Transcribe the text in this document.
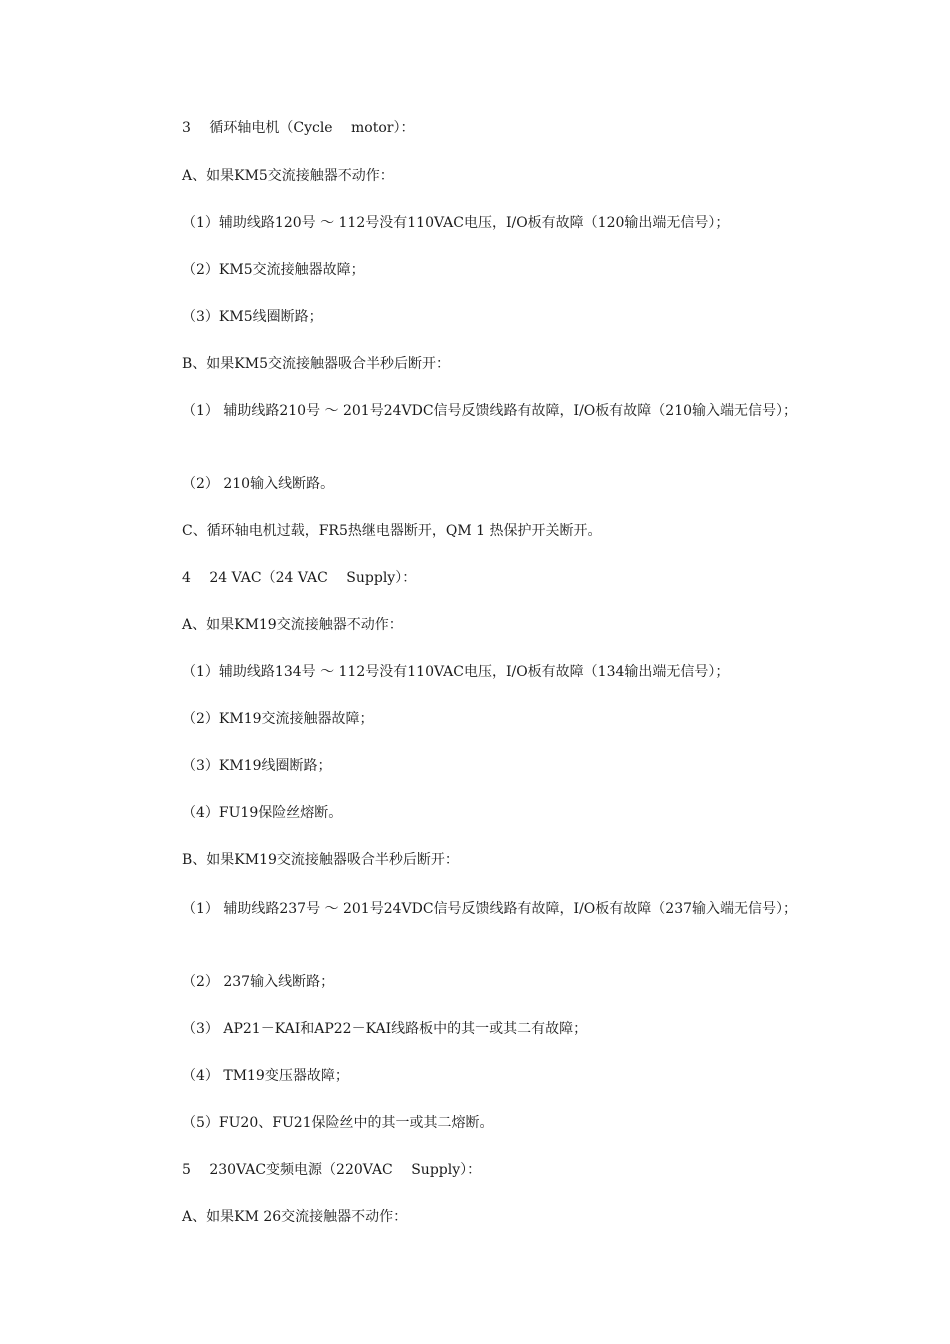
3　 循环轴电机（Cycle　 motor）：

A、如果KM5交流接触器不动作：

（1）辅助线路120号 ～ 112号没有110VAC电压，I/O板有故障（120输出端无信号）；

（2）KM5交流接触器故障；

（3）KM5线圈断路；

B、如果KM5交流接触器吸合半秒后断开：

（1） 辅助线路210号 ～ 201号24VDC信号反馈线路有故障，I/O板有故障（210输入端无信号）；

（2） 210输入线断路。

C、循环轴电机过载，FR5热继电器断开，QM 1 热保护开关断开。

4　 24 VAC（24 VAC　 Supply）：

A、如果KM19交流接触器不动作：

（1）辅助线路134号 ～ 112号没有110VAC电压，I/O板有故障（134输出端无信号）；

（2）KM19交流接触器故障；

（3）KM19线圈断路；

（4）FU19保险丝熔断。

B、如果KM19交流接触器吸合半秒后断开：

（1） 辅助线路237号 ～ 201号24VDC信号反馈线路有故障，I/O板有故障（237输入端无信号）；

（2） 237输入线断路；

（3） AP21－KAI和AP22－KAI线路板中的其一或其二有故障；

（4） TM19变压器故障；

（5）FU20、FU21保险丝中的其一或其二熔断。

5　 230VAC变频电源（220VAC　 Supply）：

A、如果KM 26交流接触器不动作：
